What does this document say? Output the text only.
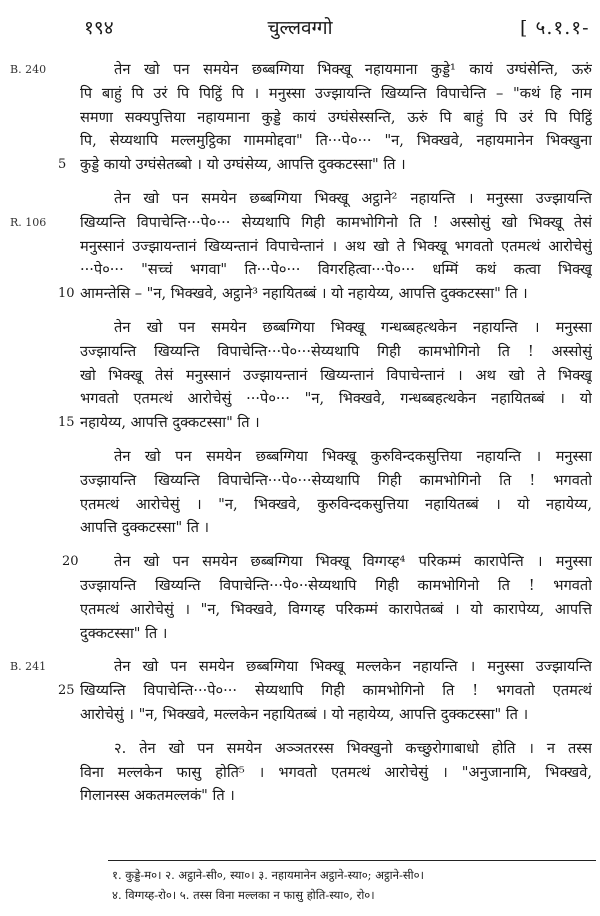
१९४	चुल्लवग्गो	[ ५.१.१-
B. 240	तेन खो पन समयेन छब्बग्गिया भिक्खू नहायमाना कुड्डे¹ कायं उग्घंसेन्ति, ऊरुं
पि बाहुं पि उरं पि पिट्ठिं पि । मनुस्सा उज्झायन्ति खिय्यन्ति विपाचेन्ति – "कथं हि नाम
समणा सक्यपुत्तिया नहायमाना कुड्डे कायं उग्घंसेस्सन्ति, ऊरुं पि बाहुं पि उरं पि पिट्ठिं
पि, सेय्यथापि मल्लमुट्ठिका गाममोद्दवा" ति···पे०··· "न, भिक्खवे, नहायमानेन भिक्खुना
5 कुड्डे कायो उग्घंसेतब्बो । यो उग्घंसेय्य, आपत्ति दुक्कटस्सा" ति ।
R. 106
तेन खो पन समयेन छब्बग्गिया भिक्खू अट्ठाने² नहायन्ति । मनुस्सा उज्झायन्ति
खिय्यन्ति विपाचेन्ति···पे०··· सेय्यथापि गिही कामभोगिनो ति ! अस्सोसुं खो भिक्खू तेसं
मनुस्सानं उज्झायन्तानं खिय्यन्तानं विपाचेन्तानं । अथ खो ते भिक्खू भगवतो एतमत्थं आरोचेसुं
···पे०··· "सच्चं भगवा" ति···पे०··· विगरहित्वा···पे०··· धम्मिं कथं कत्वा भिक्खू
10 आमन्तेसि – "न, भिक्खवे, अट्ठाने³ नहायितब्बं । यो नहायेय्य, आपत्ति दुक्कटस्सा" ति ।
तेन खो पन समयेन छब्बग्गिया भिक्खू गन्धब्बहत्थकेन नहायन्ति । मनुस्सा
उज्झायन्ति खिय्यन्ति विपाचेन्ति···पे०···सेय्यथापि गिही कामभोगिनो ति ! अस्सोसुं
खो भिक्खू तेसं मनुस्सानं उज्झायन्तानं खिय्यन्तानं विपाचेन्तानं । अथ खो ते भिक्खू
भगवतो एतमत्थं आरोचेसुं ···पे०··· "न, भिक्खवे, गन्धब्बहत्थकेन नहायितब्बं । यो
15 नहायेय्य, आपत्ति दुक्कटस्सा" ति ।
तेन खो पन समयेन छब्बग्गिया भिक्खू कुरुविन्दकसुत्तिया नहायन्ति । मनुस्सा
उज्झायन्ति खिय्यन्ति विपाचेन्ति···पे०···सेय्यथापि गिही कामभोगिनो ति ! भगवतो
एतमत्थं आरोचेसुं । "न, भिक्खवे, कुरुविन्दकसुत्तिया नहायितब्बं । यो नहायेय्य,
आपत्ति दुक्कटस्सा" ति ।
20	तेन खो पन समयेन छब्बग्गिया भिक्खू विग्गय्ह⁴ परिकम्मं कारापेन्ति । मनुस्सा
उज्झायन्ति खिय्यन्ति विपाचेन्ति···पे०··सेय्यथापि गिही कामभोगिनो ति ! भगवतो
एतमत्थं आरोचेसुं । "न, भिक्खवे, विग्गय्ह परिकम्मं कारापेतब्बं । यो कारापेय्य, आपत्ति
दुक्कटस्सा" ति ।
B. 241	तेन खो पन समयेन छब्बग्गिया भिक्खू मल्लकेन नहायन्ति । मनुस्सा उज्झायन्ति
25 खिय्यन्ति विपाचेन्ति···पे०··· सेय्यथापि गिही कामभोगिनो ति ! भगवतो एतमत्थं
आरोचेसुं । "न, भिक्खवे, मल्लकेन नहायितब्बं । यो नहायेय्य, आपत्ति दुक्कटस्सा" ति ।
२. तेन खो पन समयेन अञ्ञतरस्स भिक्खुनो कच्छुरोगाबाधो होति । न तस्स
विना मल्लकेन फासु होति⁵ । भगवतो एतमत्थं आरोचेसुं । "अनुजानामि, भिक्खवे,
गिलानस्स अकतमल्लकं" ति ।
१. कुड्डे-म०। २. अट्ठाने-सी०, स्या०। ३. नहायमानेन अट्ठाने-स्या०; अट्ठाने-सी०।
४. विग्गय्ह-रो०। ५. तस्स विना मल्लका न फासु होति-स्या०, रो०।
